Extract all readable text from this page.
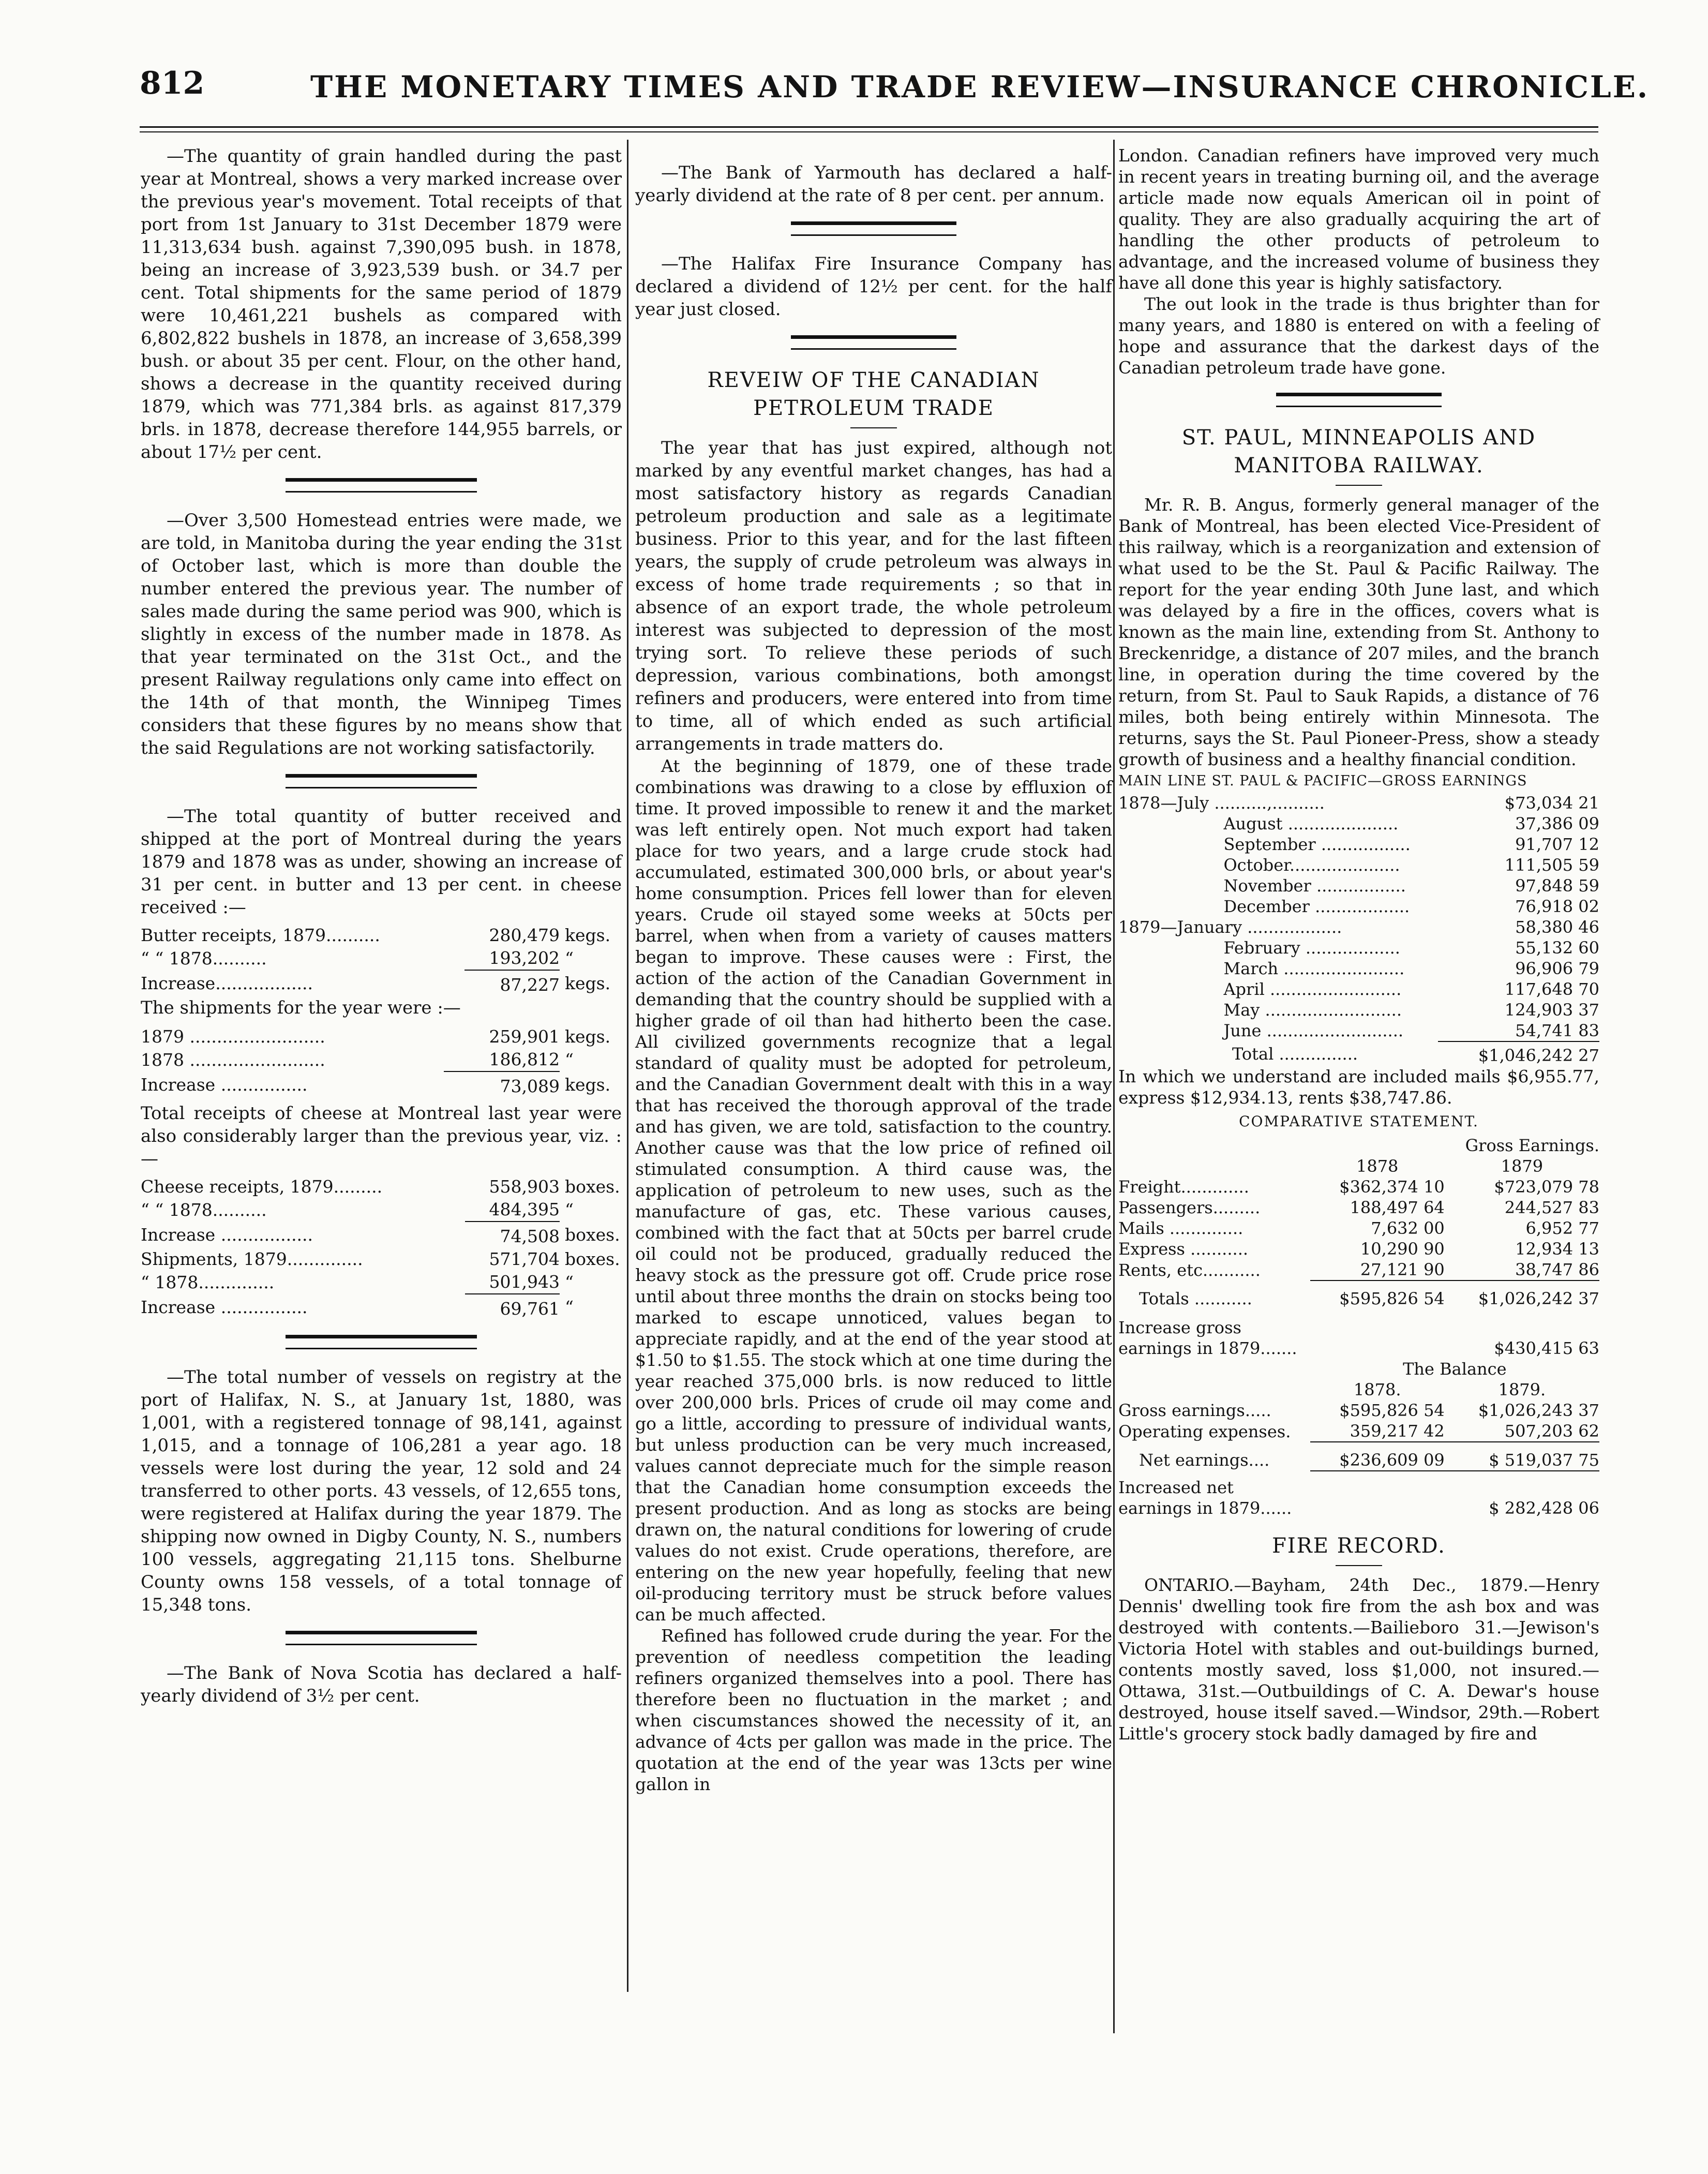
812	THE MONETARY TIMES AND TRADE REVIEW—INSURANCE CHRONICLE.

—The quantity of grain handled during the past year at Montreal, shows a very marked increase over the previous year's movement. Total receipts of that port from 1st January to 31st December 1879 were 11,313,634 bush. against 7,390,095 bush. in 1878, being an increase of 3,923,539 bush. or 34.7 per cent. Total shipments for the same period of 1879 were 10,461,221 bushels as compared with 6,802,822 bushels in 1878, an increase of 3,658,399 bush. or about 35 per cent. Flour, on the other hand, shows a decrease in the quantity received during 1879, which was 771,384 brls. as against 817,379 brls. in 1878, decrease therefore 144,955 barrels, or about 17½ per cent.

—Over 3,500 Homestead entries were made, we are told, in Manitoba during the year ending the 31st of October last, which is more than double the number entered the previous year. The number of sales made during the same period was 900, which is slightly in excess of the number made in 1878. As that year terminated on the 31st Oct., and the present Railway regulations only came into effect on the 14th of that month, the Winnipeg Times considers that these figures by no means show that the said Regulations are not working satisfactorily.

—The total quantity of butter received and shipped at the port of Montreal during the years 1879 and 1878 was as under, showing an increase of 31 per cent. in butter and 13 per cent. in cheese received :—

Butter receipts, 1879..........	280,479	kegs.
“ “ 1878..........	193,202	“
Increase..................	87,227	kegs.
The shipments for the year were :—
1879 .........................	259,901	kegs.
1878 .........................	186,812	“
Increase ................	73,089	kegs.

Total receipts of cheese at Montreal last year were also considerably larger than the previous year, viz. :—

Cheese receipts, 1879.........	558,903	boxes.
“ “ 1878..........	484,395	“
Increase .................	74,508	boxes.
Shipments, 1879..............	571,704	boxes.
“ 1878..............	501,943	“
Increase ................	69,761	“

—The total number of vessels on registry at the port of Halifax, N. S., at January 1st, 1880, was 1,001, with a registered tonnage of 98,141, against 1,015, and a tonnage of 106,281 a year ago. 18 vessels were lost during the year, 12 sold and 24 transferred to other ports. 43 vessels, of 12,655 tons, were registered at Halifax during the year 1879. The shipping now owned in Digby County, N. S., numbers 100 vessels, aggregating 21,115 tons. Shelburne County owns 158 vessels, of a total tonnage of 15,348 tons.

—The Bank of Nova Scotia has declared a half-yearly dividend of 3½ per cent.

—The Bank of Yarmouth has declared a half-yearly dividend at the rate of 8 per cent. per annum.

—The Halifax Fire Insurance Company has declared a dividend of 12½ per cent. for the half year just closed.

REVEIW OF THE CANADIAN PETROLEUM TRADE

The year that has just expired, although not marked by any eventful market changes, has had a most satisfactory history as regards Canadian petroleum production and sale as a legitimate business. Prior to this year, and for the last fifteen years, the supply of crude petroleum was always in excess of home trade requirements ; so that in absence of an export trade, the whole petroleum interest was subjected to depression of the most trying sort. To relieve these periods of such depression, various combinations, both amongst refiners and producers, were entered into from time to time, all of which ended as such artificial arrangements in trade matters do.

At the beginning of 1879, one of these trade combinations was drawing to a close by effluxion of time. It proved impossible to renew it and the market was left entirely open. Not much export had taken place for two years, and a large crude stock had accumulated, estimated 300,000 brls, or about year's home consumption. Prices fell lower than for eleven years. Crude oil stayed some weeks at 50cts per barrel, when when from a variety of causes matters began to improve. These causes were : First, the action of the action of the Canadian Government in demanding that the country should be supplied with a higher grade of oil than had hitherto been the case. All civilized governments recognize that a legal standard of quality must be adopted for petroleum, and the Canadian Government dealt with this in a way that has received the thorough approval of the trade and has given, we are told, satisfaction to the country. Another cause was that the low price of refined oil stimulated consumption. A third cause was, the application of petroleum to new uses, such as the manufacture of gas, etc. These various causes, combined with the fact that at 50cts per barrel crude oil could not be produced, gradually reduced the heavy stock as the pressure got off. Crude price rose until about three months the drain on stocks being too marked to escape unnoticed, values began to appreciate rapidly, and at the end of the year stood at $1.50 to $1.55. The stock which at one time during the year reached 375,000 brls. is now reduced to little over 200,000 brls. Prices of crude oil may come and go a little, according to pressure of individual wants, but unless production can be very much increased, values cannot depreciate much for the simple reason that the Canadian home consumption exceeds the present production. And as long as stocks are being drawn on, the natural conditions for lowering of crude values do not exist. Crude operations, therefore, are entering on the new year hopefully, feeling that new oil-producing territory must be struck before values can be much affected.

Refined has followed crude during the year. For the prevention of needless competition the leading refiners organized themselves into a pool. There has therefore been no fluctuation in the market ; and when ciscumstances showed the necessity of it, an advance of 4cts per gallon was made in the price. The quotation at the end of the year was 13cts per wine gallon in

London. Canadian refiners have improved very much in recent years in treating burning oil, and the average article made now equals American oil in point of quality. They are also gradually acquiring the art of handling the other products of petroleum to advantage, and the increased volume of business they have all done this year is highly satisfactory.

The out look in the trade is thus brighter than for many years, and 1880 is entered on with a feeling of hope and assurance that the darkest days of the Canadian petroleum trade have gone.

ST. PAUL, MINNEAPOLIS AND MANITOBA RAILWAY.

Mr. R. B. Angus, formerly general manager of the Bank of Montreal, has been elected Vice-President of this railway, which is a reorganization and extension of what used to be the St. Paul & Pacific Railway. The report for the year ending 30th June last, and which was delayed by a fire in the offices, covers what is known as the main line, extending from St. Anthony to Breckenridge, a distance of 207 miles, and the branch line, in operation during the time covered by the return, from St. Paul to Sauk Rapids, a distance of 76 miles, both being entirely within Minnesota. The returns, says the St. Paul Pioneer-Press, show a steady growth of business and a healthy financial condition.

MAIN LINE ST. PAUL & PACIFIC—GROSS EARNINGS
1878—	July ..........,..........	$73,034 21
	August .....................	37,386 09
	September .................	91,707 12
	October.....................	111,505 59
	November .................	97,848 59
	December ..................	76,918 02
1879—	January ..................	58,380 46
	February ..................	55,132 60
	March .......................	96,906 79
	April .........................	117,648 70
	May ..........................	124,903 37
	June ..........................	54,741 83
Total ...............	$1,046,242 27

In which we understand are included mails $6,955.77, express $12,934.13, rents $38,747.86.

COMPARATIVE STATEMENT.
	Gross Earnings.	
	1878	1879
Freight.............	$362,374 10	$723,079 78
Passengers.........	188,497 64	244,527 83
Mails ..............	7,632 00	6,952 77
Express ...........	10,290 90	12,934 13
Rents, etc...........	27,121 90	38,747 86
Totals ...........	$595,826 54	$1,026,242 37
Increase gross earnings in 1879.......		$430,415 63
	The Balance	
	1878.	1879.
Gross earnings.....	$595,826 54	$1,026,243 37
Operating expenses.	359,217 42	507,203 62
Net earnings....	$236,609 09	$ 519,037 75
Increased net earnings in 1879......		$ 282,428 06
FIRE RECORD.

ONTARIO.—Bayham, 24th Dec., 1879.—Henry Dennis' dwelling took fire from the ash box and was destroyed with contents.—Bailieboro 31.—Jewison's Victoria Hotel with stables and out-buildings burned, contents mostly saved, loss $1,000, not insured.—Ottawa, 31st.—Outbuildings of C. A. Dewar's house destroyed, house itself saved.—Windsor, 29th.—Robert Little's grocery stock badly damaged by fire and
